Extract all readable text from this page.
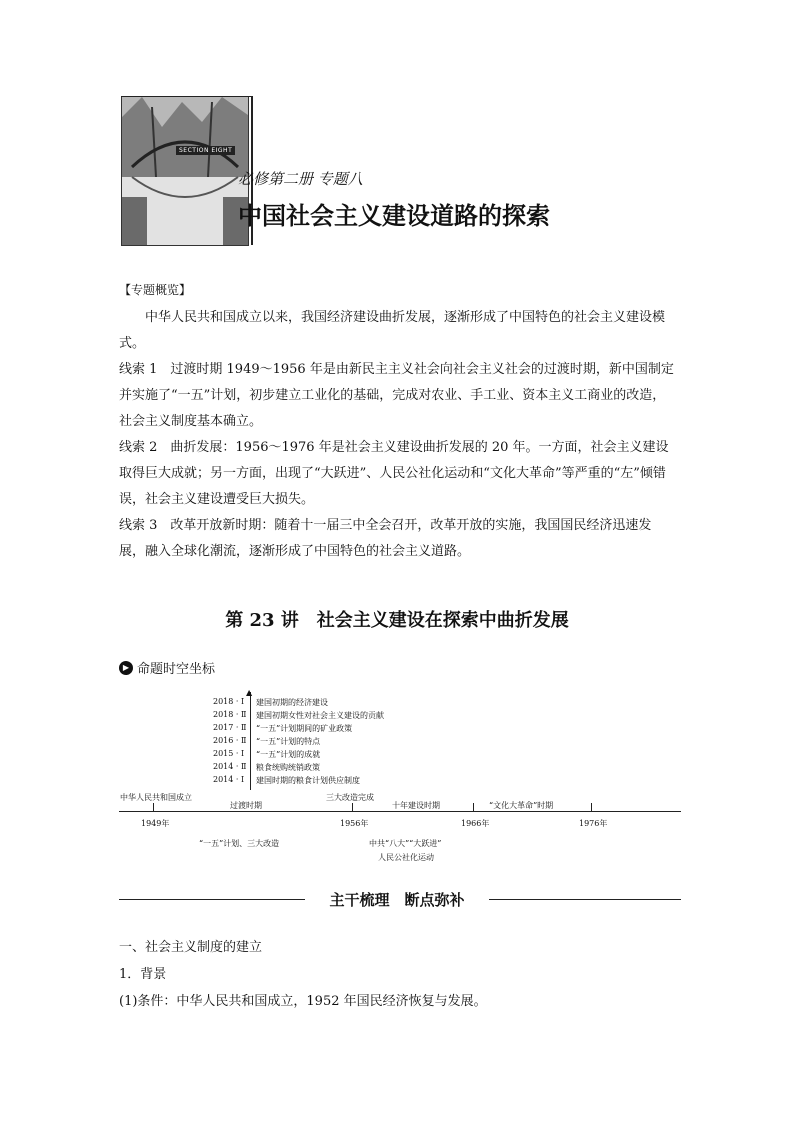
SECTION EIGHT
必修第二册 专题八
中国社会主义建设道路的探索
【专题概览】
中华人民共和国成立以来，我国经济建设曲折发展，逐渐形成了中国特色的社会主义建设模式。
线索 1　过渡时期 1949～1956 年是由新民主主义社会向社会主义社会的过渡时期，新中国制定并实施了“一五”计划，初步建立工业化的基础，完成对农业、手工业、资本主义工商业的改造，社会主义制度基本确立。
线索 2　曲折发展：1956～1976 年是社会主义建设曲折发展的 20 年。一方面，社会主义建设取得巨大成就；另一方面，出现了“大跃进”、人民公社化运动和“文化大革命”等严重的“左”倾错误，社会主义建设遭受巨大损失。
线索 3　改革开放新时期：随着十一届三中全会召开，改革开放的实施，我国国民经济迅速发展，融入全球化潮流，逐渐形成了中国特色的社会主义道路。
第 23 讲　社会主义建设在探索中曲折发展
▶ 命题时空坐标
▲
2018 · Ⅰ 建国初期的经济建设
2018 · Ⅱ 建国初期女性对社会主义建设的贡献
2017 · Ⅱ “一五”计划期间的矿业政策
2016 · Ⅱ “一五”计划的特点
2015 · Ⅰ “一五”计划的成就
2014 · Ⅱ 粮食统购统销政策
2014 · Ⅰ 建国时期的粮食计划供应制度
中华人民共和国成立
过渡时期
三大改造完成
十年建设时期	“文化大革命”时期
1949年	1956年	1966年	1976年
“一五”计划、三大改造	中共“八大”“大跃进”
人民公社化运动
主干梳理　断点弥补
一、社会主义制度的建立
1．背景
(1)条件：中华人民共和国成立，1952 年国民经济恢复与发展。
